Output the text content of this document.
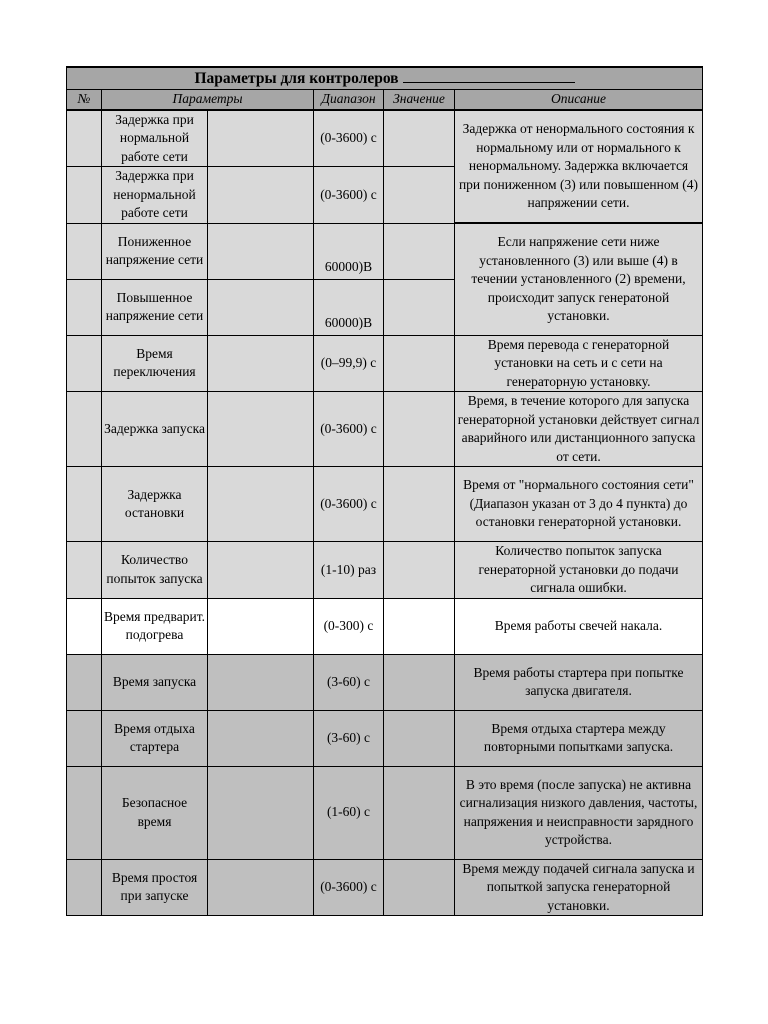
Параметры для контролеров					
№	Параметры		Диапазон	Значение	Описание
	Задержка при нормальной работе сети		(0-3600) с		Задержка от ненормального состояния к нормальному или от нормального к ненормальному. Задержка включается при пониженном (3) или повышенном (4) напряжении сети.
	Задержка при ненормальной работе сети		(0-3600) с		
	Пониженное напряжение сети		60000)В		Если напряжение сети ниже установленного (3) или выше (4) в течении установленного (2) времени, происходит запуск генератоной установки.
	Повышенное напряжение сети		60000)В		
	Время переключения		(0–99,9) с		Время перевода с генераторной установки на сеть и с сети на генераторную установку.
	Задержка запуска		(0-3600) с		Время, в течение которого для запуска генераторной установки действует сигнал аварийного или дистанционного запуска от сети.
	Задержка остановки		(0-3600) с		Время от "нормального состояния сети" (Диапазон указан от 3 до 4 пункта) до остановки генераторной установки.
	Количество попыток запуска		(1-10) раз		Количество попыток запуска генераторной установки до подачи сигнала ошибки.
	Время предварит. подогрева		(0-300) с		Время работы свечей накала.
	Время запуска		(3-60) с		Время работы стартера при попытке запуска двигателя.
	Время отдыха стартера		(3-60) с		Время отдыха стартера между повторными попытками запуска.
	Безопасное время		(1-60) с		В это время (после запуска) не активна сигнализация низкого давления, частоты, напряжения и неисправности зарядного устройства.
	Время простоя при запуске		(0-3600) с		Время между подачей сигнала запуска и попыткой запуска генераторной установки.
